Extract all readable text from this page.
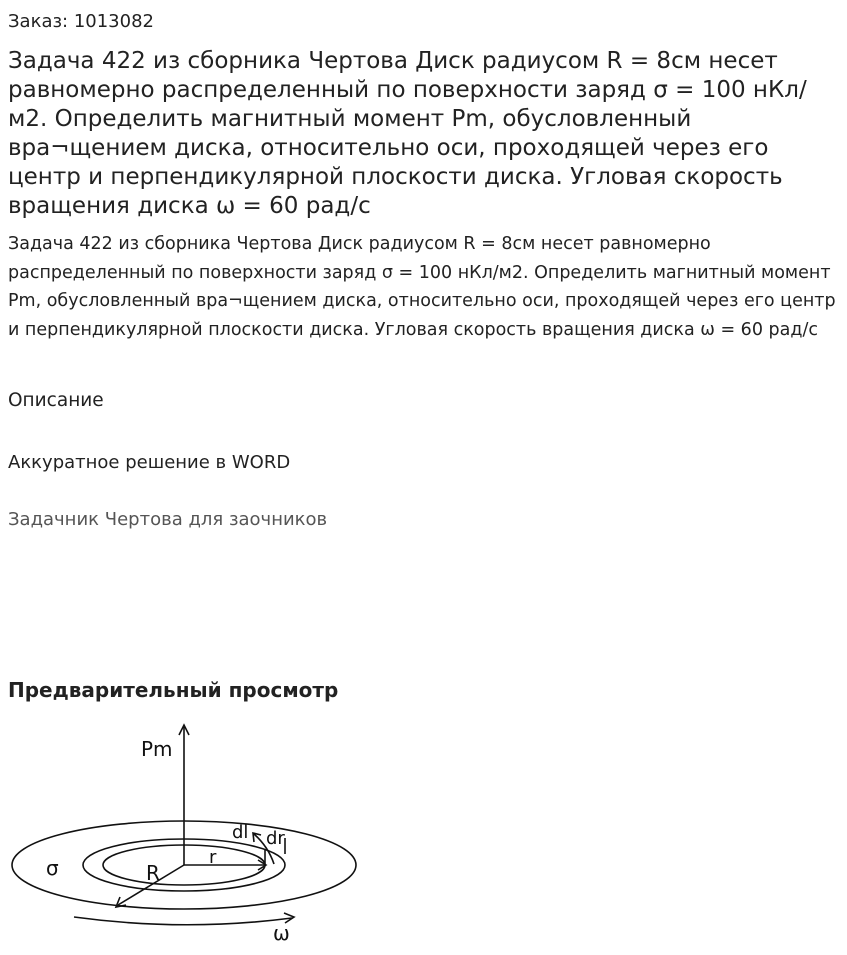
Заказ: 1013082
Задача 422 из сборника Чертова Диск радиусом R = 8см несет равномерно распределенный по поверхности заряд σ = 100 нКл/м2. Определить магнитный момент Pm, обусловленный вра¬щением диска, относительно оси, проходящей через его центр и перпендикулярной плоскости диска. Угловая скорость вращения диска ω = 60 рад/с

Задача 422 из сборника Чертова Диск радиусом R = 8см несет равномерно распределенный по поверхности заряд σ = 100 нКл/м2. Определить магнитный момент Pm, обусловленный вра¬щением диска, относительно оси, проходящей через его центр и перпендикулярной плоскости диска. Угловая скорость вращения диска ω = 60 рад/с

Описание
Аккуратное решение в WORD
Задачник Чертова для заочников
Предварительный просмотр
Pm
σ	R
r
dl dr
ω
